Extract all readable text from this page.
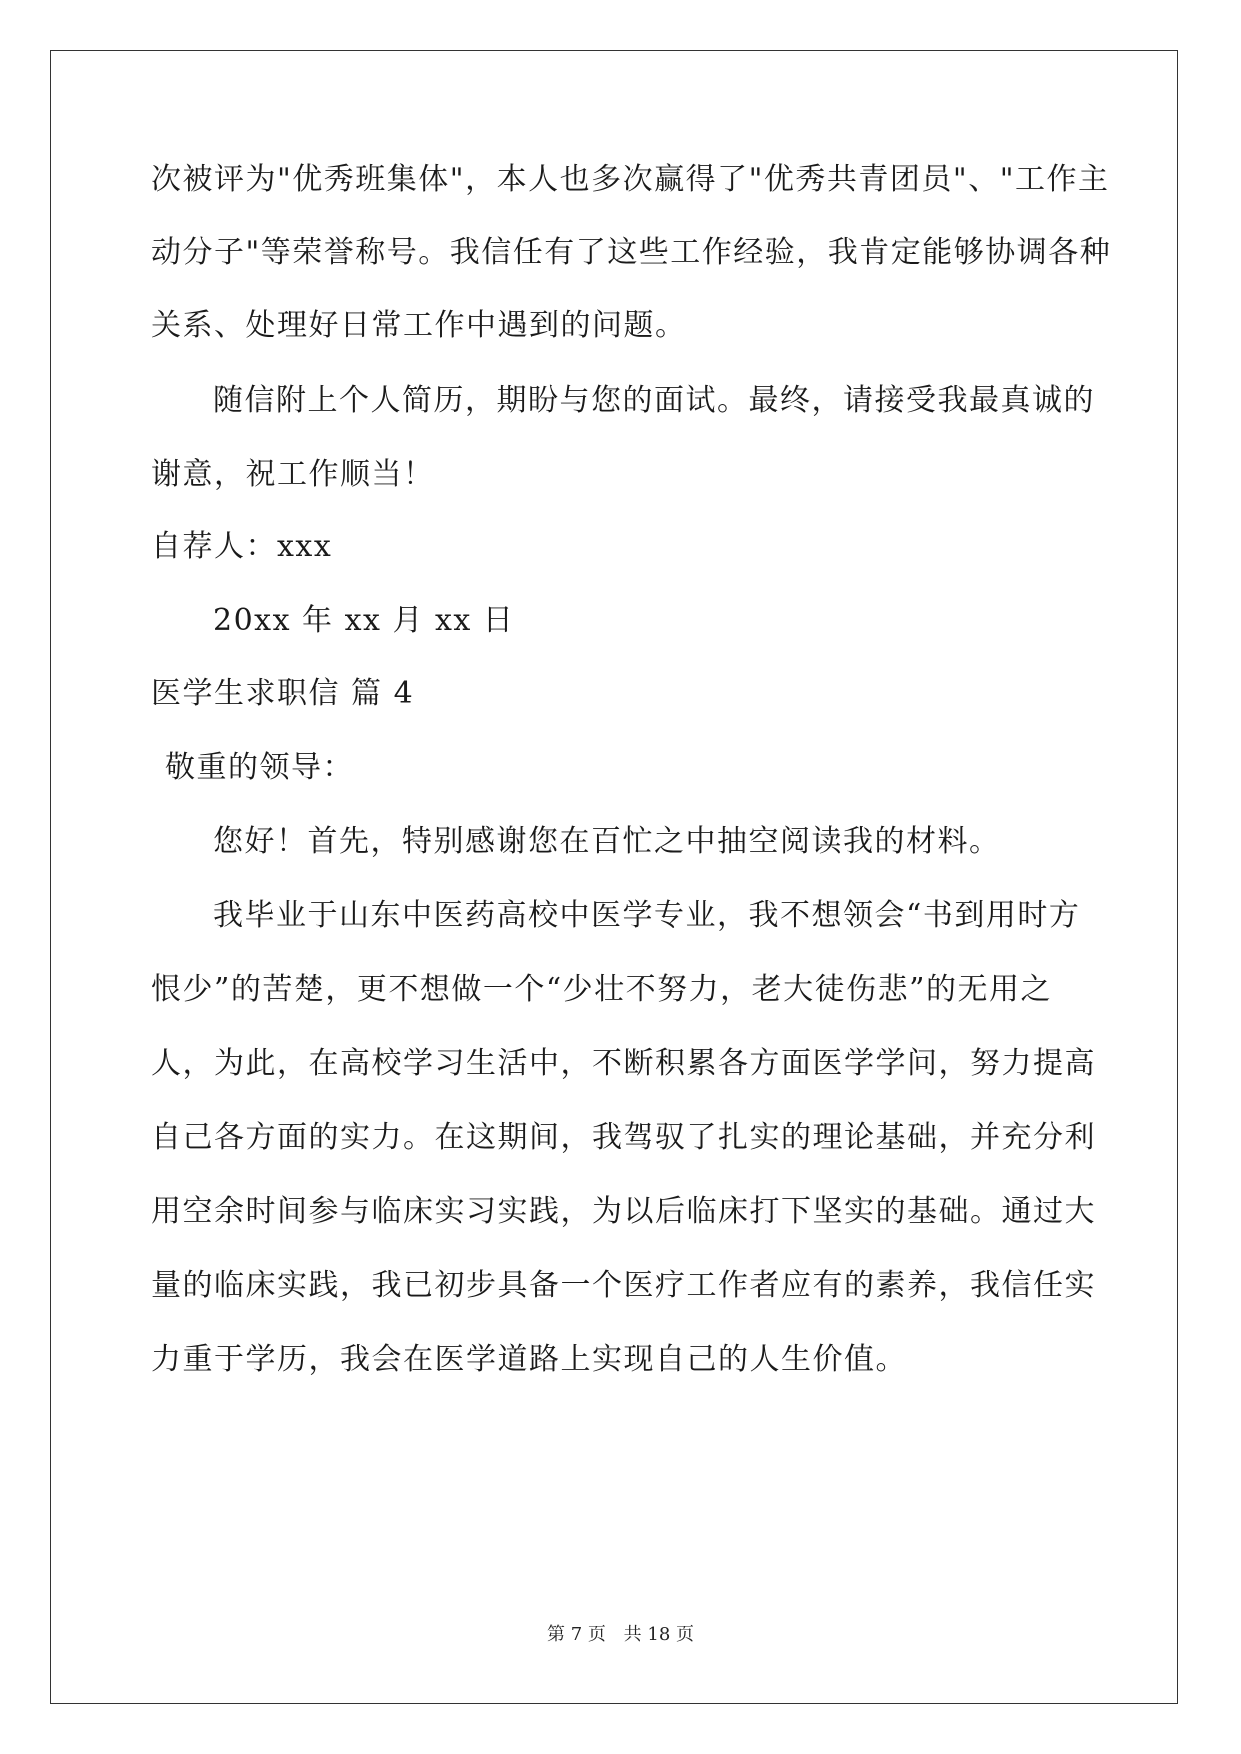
次被评为"优秀班集体"，本人也多次赢得了"优秀共青团员"、"工作主
动分子"等荣誉称号。我信任有了这些工作经验，我肯定能够协调各种
关系、处理好日常工作中遇到的问题。
随信附上个人简历，期盼与您的面试。最终，请接受我最真诚的
谢意，祝工作顺当！
自荐人：xxx
20xx 年 xx 月 xx 日
医学生求职信 篇 4
敬重的领导：
您好！首先，特别感谢您在百忙之中抽空阅读我的材料。
我毕业于山东中医药高校中医学专业，我不想领会“书到用时方
恨少”的苦楚，更不想做一个“少壮不努力，老大徒伤悲”的无用之
人，为此，在高校学习生活中，不断积累各方面医学学问，努力提高
自己各方面的实力。在这期间，我驾驭了扎实的理论基础，并充分利
用空余时间参与临床实习实践，为以后临床打下坚实的基础。通过大
量的临床实践，我已初步具备一个医疗工作者应有的素养，我信任实
力重于学历，我会在医学道路上实现自己的人生价值。
第 7 页 共 18 页
